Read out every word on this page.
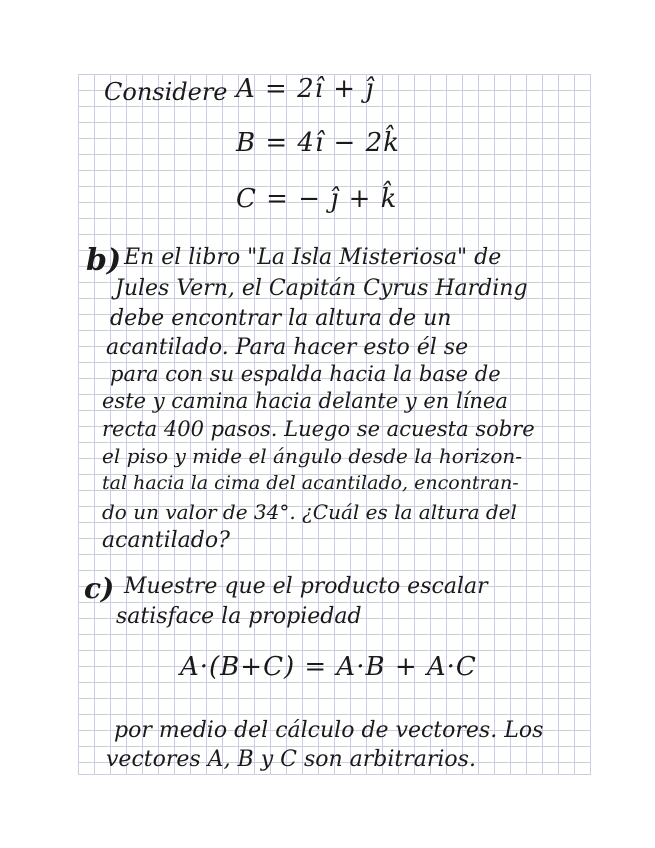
Considere A = 2î + ĵ
B = 4î − 2k̂
C = − ĵ + k̂
b) En el libro "La Isla Misteriosa" de
Jules Vern, el Capitán Cyrus Harding
debe encontrar la altura de un
acantilado. Para hacer esto él se
para con su espalda hacia la base de
este y camina hacia delante y en línea
recta 400 pasos. Luego se acuesta sobre
el piso y mide el ángulo desde la horizon-
tal hacia la cima del acantilado, encontran-
do un valor de 34°. ¿Cuál es la altura del
acantilado?
c) Muestre que el producto escalar
satisface la propiedad
A·(B+C) = A·B + A·C
por medio del cálculo de vectores. Los
vectores A, B y C son arbitrarios.
